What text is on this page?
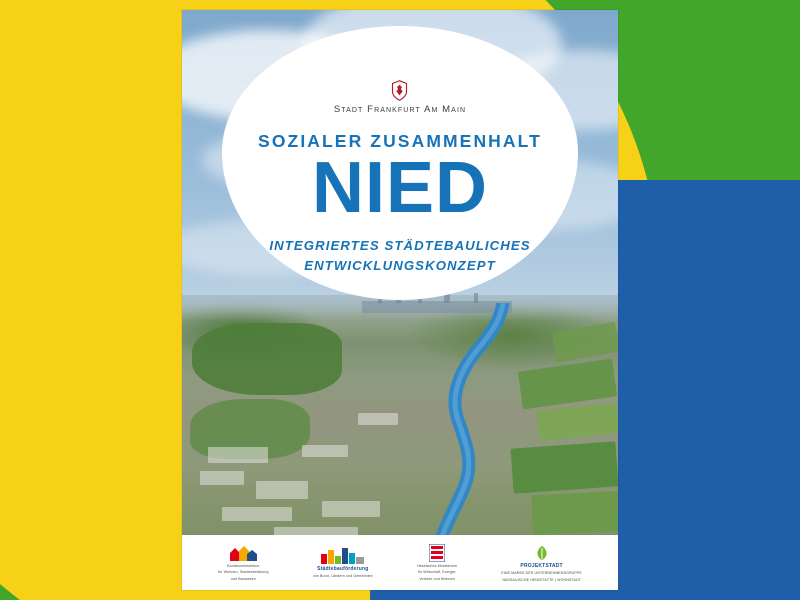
Stadt Frankfurt Am Main
SOZIALER ZUSAMMENHALT
NIED
INTEGRIERTES STÄDTEBAULICHES
ENTWICKLUNGSKONZEPT
Bundesministerium
für Wohnen, Stadtentwicklung
und Bauwesen
Städtebauförderung
von Bund, Ländern und Gemeinden
Hessisches Ministerium
für Wirtschaft, Energie,
Verkehr und Wohnen
PROJEKTSTADT
EINE MARKE DER UNTERNEHMENSGRUPPE
NASSAUISCHE HEIMSTÄTTE | WOHNSTADT
